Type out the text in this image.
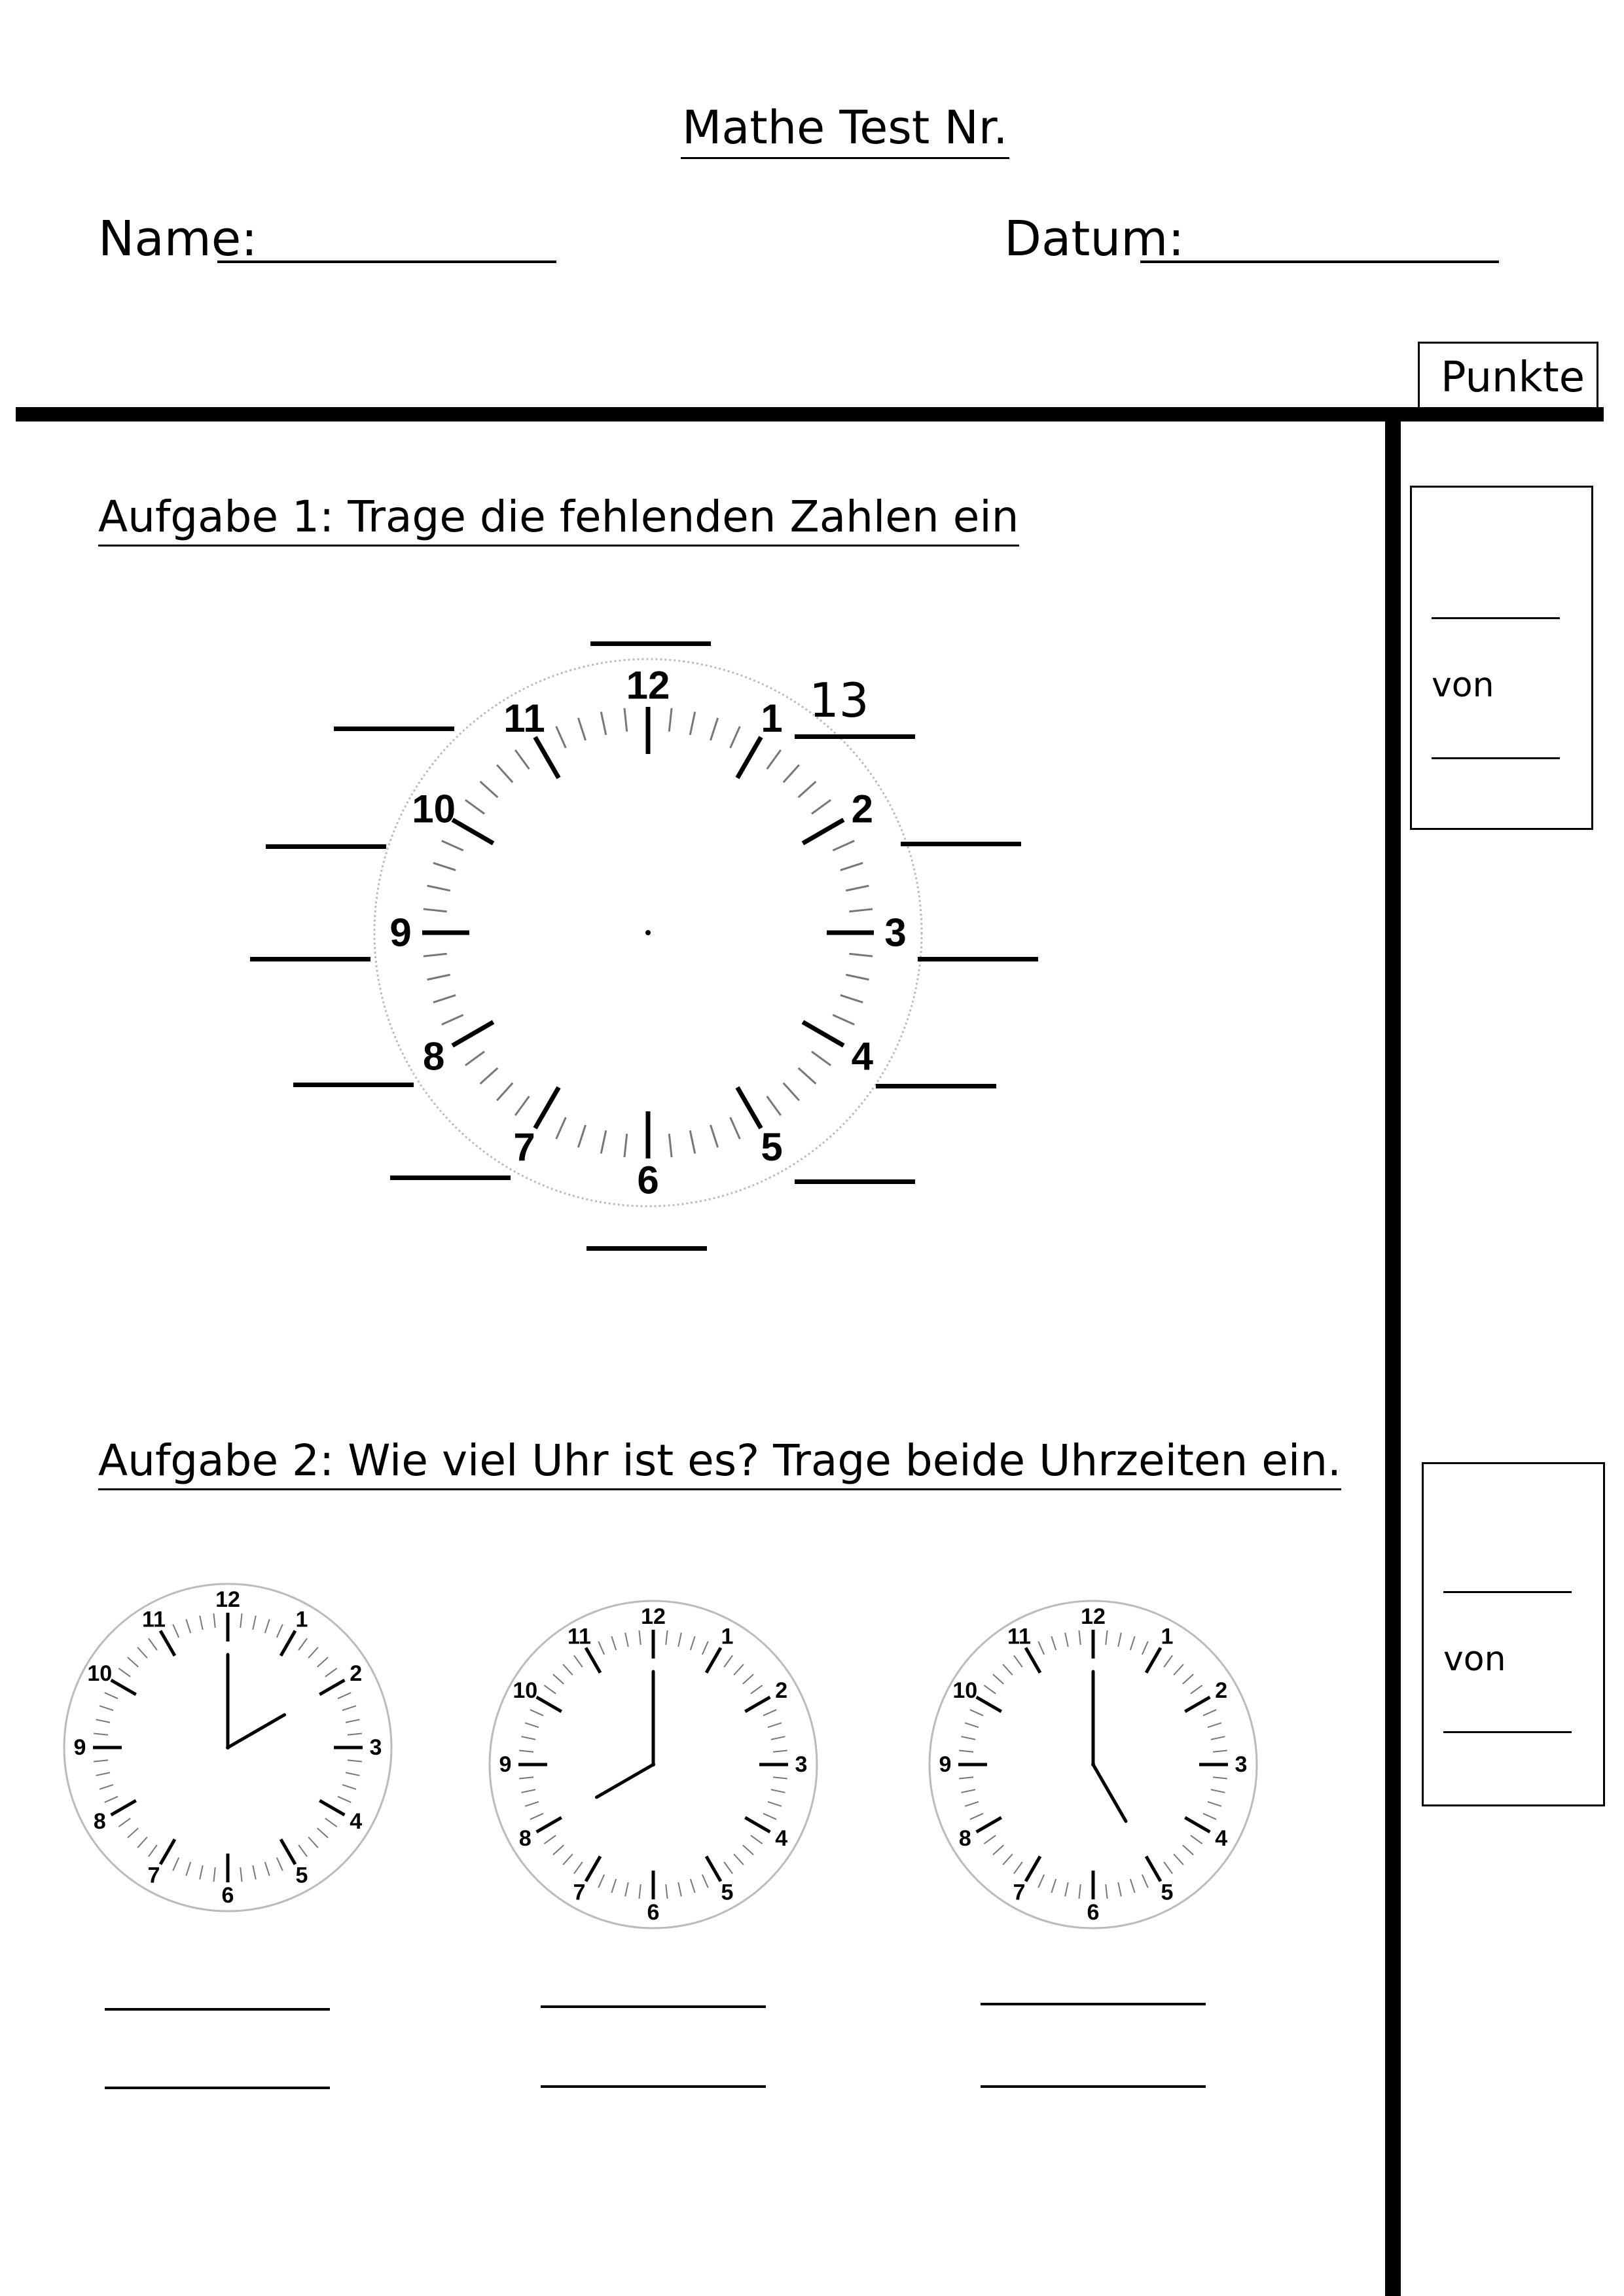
Mathe Test Nr.
Name:	Datum:
Punkte
von
von
Aufgabe 1: Trage die fehlenden Zahlen ein
12
1
2
3
4
5
6
7
8
9
10
11	13
Aufgabe 2: Wie viel Uhr ist es? Trage beide Uhrzeiten ein.
12
1
2
3
4
5
6
7
8
9
10
11	12
1
2
3
4
5
6
7
8
9
10
11
12
1
2
3
4
5
6
7
8
9
10
11
